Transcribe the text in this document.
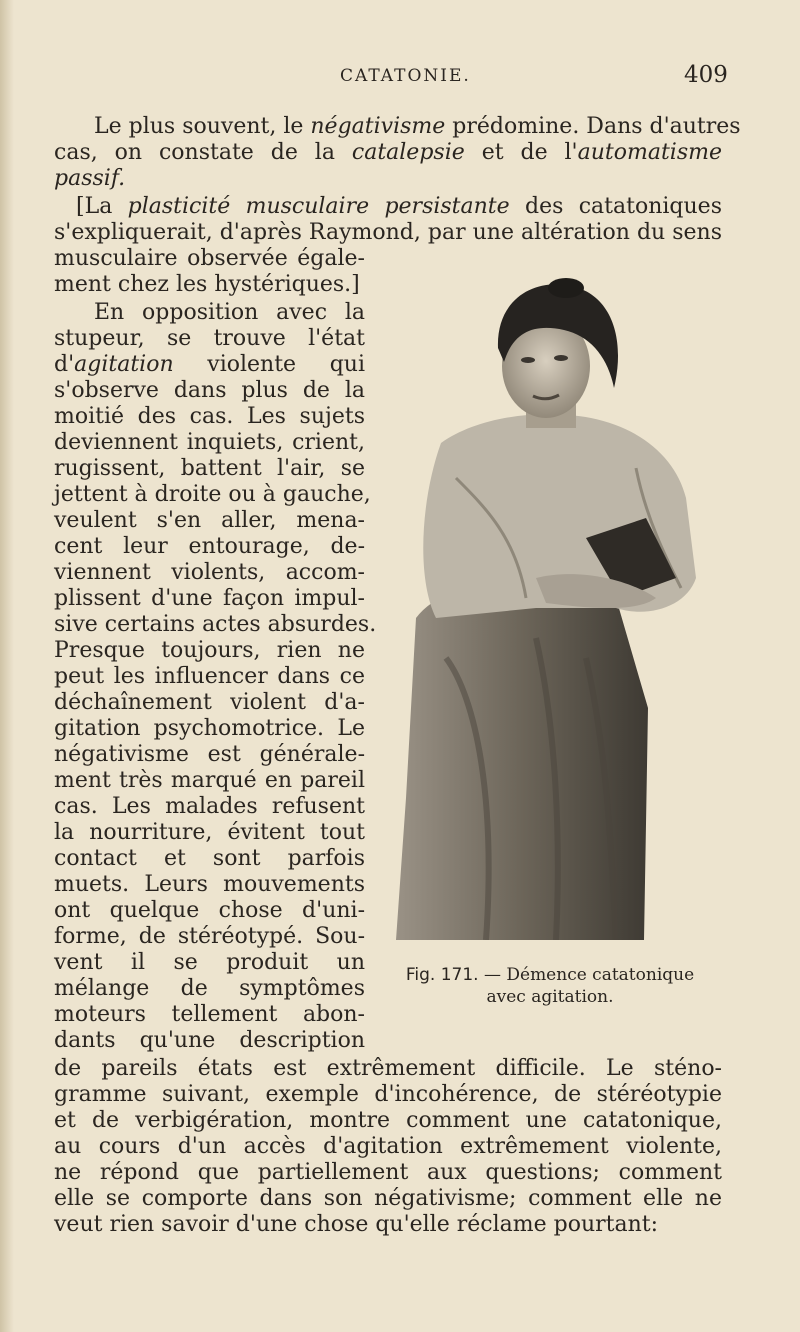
CATATONIE.	409
Le plus souvent, le négativisme prédomine. Dans d'autres
cas, on constate de la catalepsie et de l'automatisme
passif.
[La plasticité musculaire persistante des catatoniques
s'expliquerait, d'après Raymond, par une altération du sens
musculaire observée égale-
ment chez les hystériques.]
En opposition avec la
stupeur, se trouve l'état
d'agitation violente qui
s'observe dans plus de la
moitié des cas. Les sujets
deviennent inquiets, crient,
rugissent, battent l'air, se
jettent à droite ou à gauche,
veulent s'en aller, mena-
cent leur entourage, de-
viennent violents, accom-
plissent d'une façon impul-
sive certains actes absurdes.
Presque toujours, rien ne
peut les influencer dans ce
déchaînement violent d'a-
gitation psychomotrice. Le
négativisme est générale-
ment très marqué en pareil
cas. Les malades refusent
la nourriture, évitent tout
contact et sont parfois
muets. Leurs mouvements
ont quelque chose d'uni-
forme, de stéréotypé. Sou-
vent il se produit un
mélange de symptômes
moteurs tellement abon-
dants qu'une description
de pareils états est extrêmement difficile. Le sténo-
gramme suivant, exemple d'incohérence, de stéréotypie
et de verbigération, montre comment une catatonique,
au cours d'un accès d'agitation extrêmement violente,
ne répond que partiellement aux questions; comment
elle se comporte dans son négativisme; comment elle ne
veut rien savoir d'une chose qu'elle réclame pourtant:
Fig. 171. — Démence catatonique
avec agitation.
